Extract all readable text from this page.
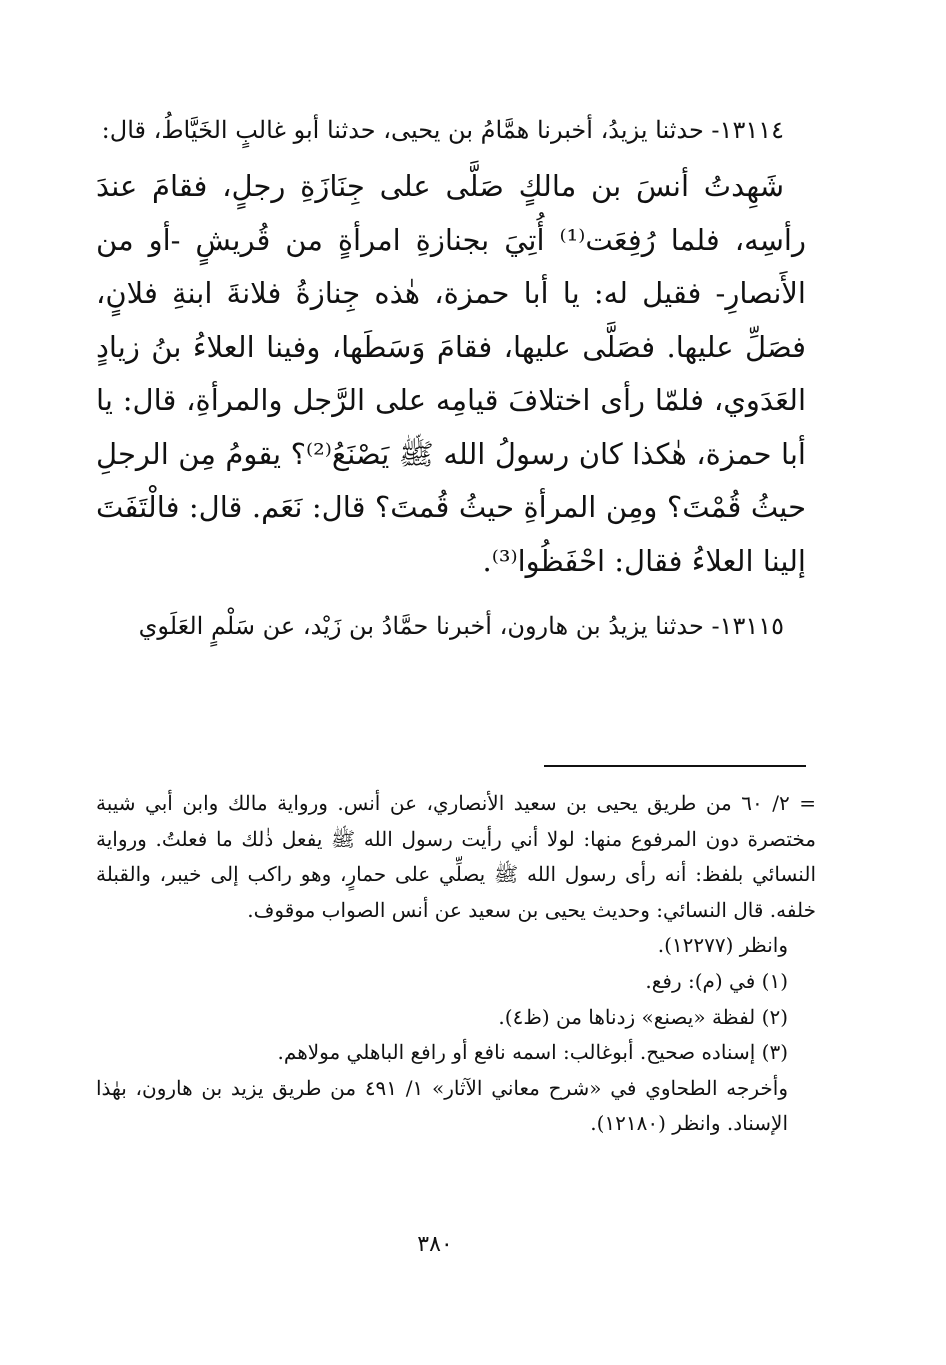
١٣١١٤- حدثنا يزيدُ، أخبرنا همَّامُ بن يحيى، حدثنا أبو غالبٍ الخَيَّاطُ، قال:

شَهِدتُ أنسَ بن مالكٍ صَلَّى على جِنَازَةِ رجلٍ، فقامَ عندَ رأسِه، فلما رُفِعَت⁽¹⁾ أُتِيَ بجنازةِ امرأةٍ من قُريشٍ -أو من الأَنصارِ- فقيل له: يا أبا حمزة، هٰذه جِنازةُ فلانةَ ابنةِ فلانٍ، فصَلِّ عليها. فصَلَّى عليها، فقامَ وَسَطَها، وفينا العلاءُ بنُ زيادٍ العَدَوي، فلمّا رأى اختلافَ قيامِه على الرَّجل والمرأةِ، قال: يا أبا حمزة، هٰكذا كان رسولُ الله ﷺ يَصْنَعُ⁽²⁾؟ يقومُ مِن الرجلِ حيثُ قُمْتَ؟ ومِن المرأةِ حيثُ قُمتَ؟ قال: نَعَم. قال: فالْتَفَتَ إلينا العلاءُ فقال: احْفَظُوا⁽³⁾.

١٣١١٥- حدثنا يزيدُ بن هارون، أخبرنا حمَّادُ بن زَيْد، عن سَلْمٍ العَلَوي

= ٢/ ٦٠ من طريق يحيى بن سعيد الأنصاري، عن أنس. ورواية مالك وابن أبي شيبة مختصرة دون المرفوع منها: لولا أني رأيت رسول الله ﷺ يفعل ذٰلك ما فعلتُ. ورواية النسائي بلفظ: أنه رأى رسول الله ﷺ يصلِّي على حمارٍ، وهو راكب إلى خيبر، والقبلة خلفه. قال النسائي: وحديث يحيى بن سعيد عن أنس الصواب موقوف.

وانظر (١٢٢٧٧).

(١) في (م): رفع.

(٢) لفظة «يصنع» زدناها من (ظ٤).

(٣) إسناده صحيح. أبوغالب: اسمه نافع أو رافع الباهلي مولاهم.

وأخرجه الطحاوي في «شرح معاني الآثار» ١/ ٤٩١ من طريق يزيد بن هارون، بهٰذا الإسناد. وانظر (١٢١٨٠).

٣٨٠
